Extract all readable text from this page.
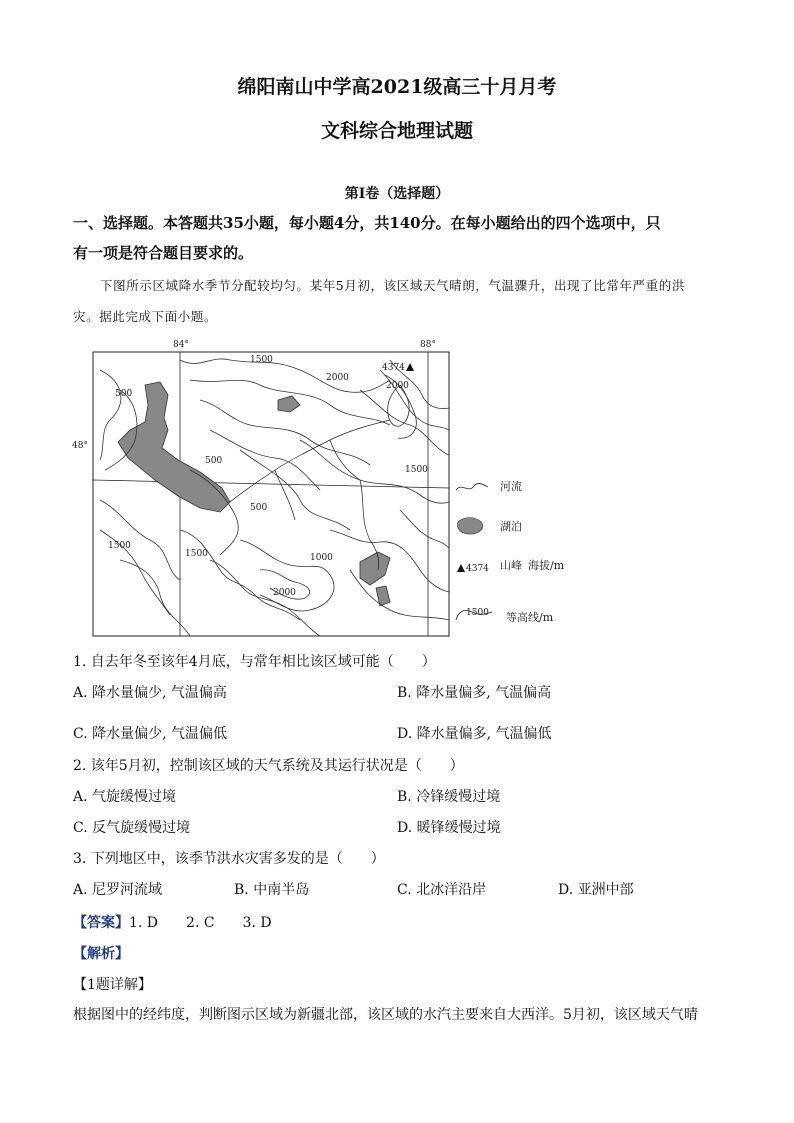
绵阳南山中学高2021级高三十月月考
文科综合地理试题
第Ⅰ卷（选择题）
一、选择题。本答题共35小题，每小题4分，共140分。在每小题给出的四个选项中，只
有一项是符合题目要求的。
下图所示区域降水季节分配较均匀。某年5月初，该区域天气晴朗，气温骤升，出现了比常年严重的洪
灾。据此完成下面小题。
84°	88°
48°
1500
500
2000
4374
2000
500
500
1500
1500
1500	1000
2000
河流
湖泊
4374 山峰 海拔/m
1500 等高线/m
1. 自去年冬至该年4月底，与常年相比该区域可能（　　）
A. 降水量偏少, 气温偏高	B. 降水量偏多, 气温偏高
C. 降水量偏少, 气温偏低	D. 降水量偏多, 气温偏低
2. 该年5月初，控制该区域的天气系统及其运行状况是（　　）
A. 气旋缓慢过境	B. 冷锋缓慢过境
C. 反气旋缓慢过境	D. 暖锋缓慢过境
3. 下列地区中，该季节洪水灾害多发的是（　　）
A. 尼罗河流域	B. 中南半岛	C. 北冰洋沿岸	D. 亚洲中部
【答案】1. D　　2. C　　3. D
【解析】
【1题详解】
根据图中的经纬度，判断图示区域为新疆北部，该区域的水汽主要来自大西洋。5月初，该区域天气晴
